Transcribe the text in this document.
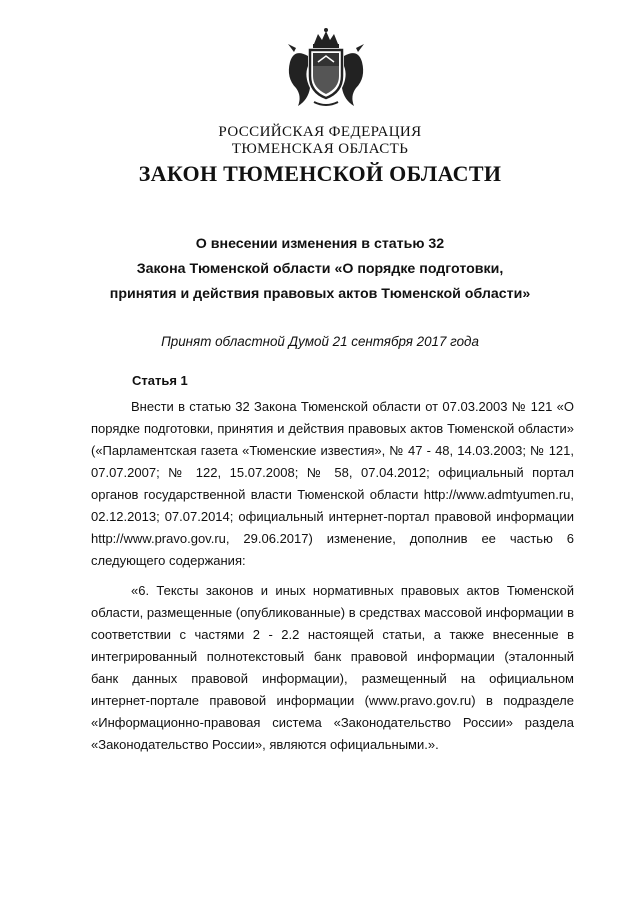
РОССИЙСКАЯ ФЕДЕРАЦИЯ
ТЮМЕНСКАЯ ОБЛАСТЬ
ЗАКОН ТЮМЕНСКОЙ ОБЛАСТИ
О внесении изменения в статью 32
Закона Тюменской области «О порядке подготовки,
принятия и действия правовых актов Тюменской области»
Принят областной Думой 21 сентября 2017 года
Статья 1

Внести в статью 32 Закона Тюменской области от 07.03.2003 № 121 «О порядке подготовки, принятия и действия правовых актов Тюменской области» («Парламентская газета «Тюменские известия», № 47 - 48, 14.03.2003; № 121, 07.07.2007; № 122, 15.07.2008; № 58, 07.04.2012; официальный портал органов государственной власти Тюменской области http://www.admtyumen.ru, 02.12.2013; 07.07.2014; официальный интернет-портал правовой информации http://www.pravo.gov.ru, 29.06.2017) изменение, дополнив ее частью 6 следующего содержания:

«6. Тексты законов и иных нормативных правовых актов Тюменской области, размещенные (опубликованные) в средствах массовой информации в соответствии с частями 2 - 2.2 настоящей статьи, а также внесенные в интегрированный полнотекстовый банк правовой информации (эталонный банк данных правовой информации), размещенный на официальном интернет-портале правовой информации (www.pravo.gov.ru) в подразделе «Информационно-правовая система «Законодательство России» раздела «Законодательство России», являются официальными.».
